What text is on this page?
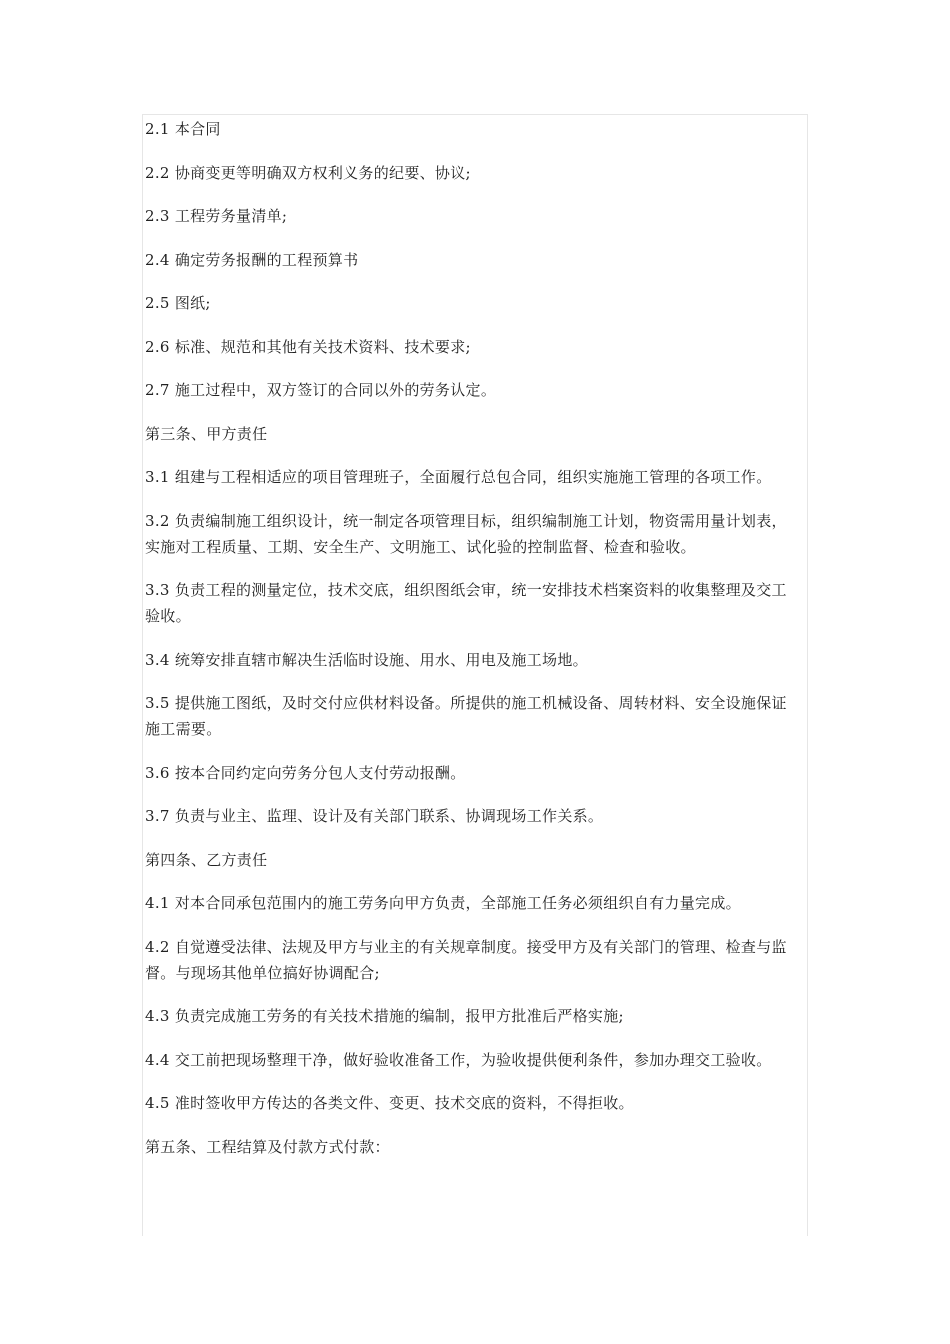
2.1 本合同

2.2 协商变更等明确双方权利义务的纪要、协议;

2.3 工程劳务量清单;

2.4 确定劳务报酬的工程预算书

2.5 图纸;

2.6 标准、规范和其他有关技术资料、技术要求;

2.7 施工过程中，双方签订的合同以外的劳务认定。

第三条、甲方责任

3.1 组建与工程相适应的项目管理班子，全面履行总包合同，组织实施施工管理的各项工作。

3.2 负责编制施工组织设计，统一制定各项管理目标，组织编制施工计划，物资需用量计划表，实施对工程质量、工期、安全生产、文明施工、试化验的控制监督、检查和验收。

3.3 负责工程的测量定位，技术交底，组织图纸会审，统一安排技术档案资料的收集整理及交工验收。

3.4 统筹安排直辖市解决生活临时设施、用水、用电及施工场地。

3.5 提供施工图纸，及时交付应供材料设备。所提供的施工机械设备、周转材料、安全设施保证施工需要。

3.6 按本合同约定向劳务分包人支付劳动报酬。

3.7 负责与业主、监理、设计及有关部门联系、协调现场工作关系。

第四条、乙方责任

4.1 对本合同承包范围内的施工劳务向甲方负责，全部施工任务必须组织自有力量完成。

4.2 自觉遵受法律、法规及甲方与业主的有关规章制度。接受甲方及有关部门的管理、检查与监督。与现场其他单位搞好协调配合;

4.3 负责完成施工劳务的有关技术措施的编制，报甲方批准后严格实施;

4.4 交工前把现场整理干净，做好验收准备工作，为验收提供便利条件，参加办理交工验收。

4.5 准时签收甲方传达的各类文件、变更、技术交底的资料，不得拒收。

第五条、工程结算及付款方式付款：
